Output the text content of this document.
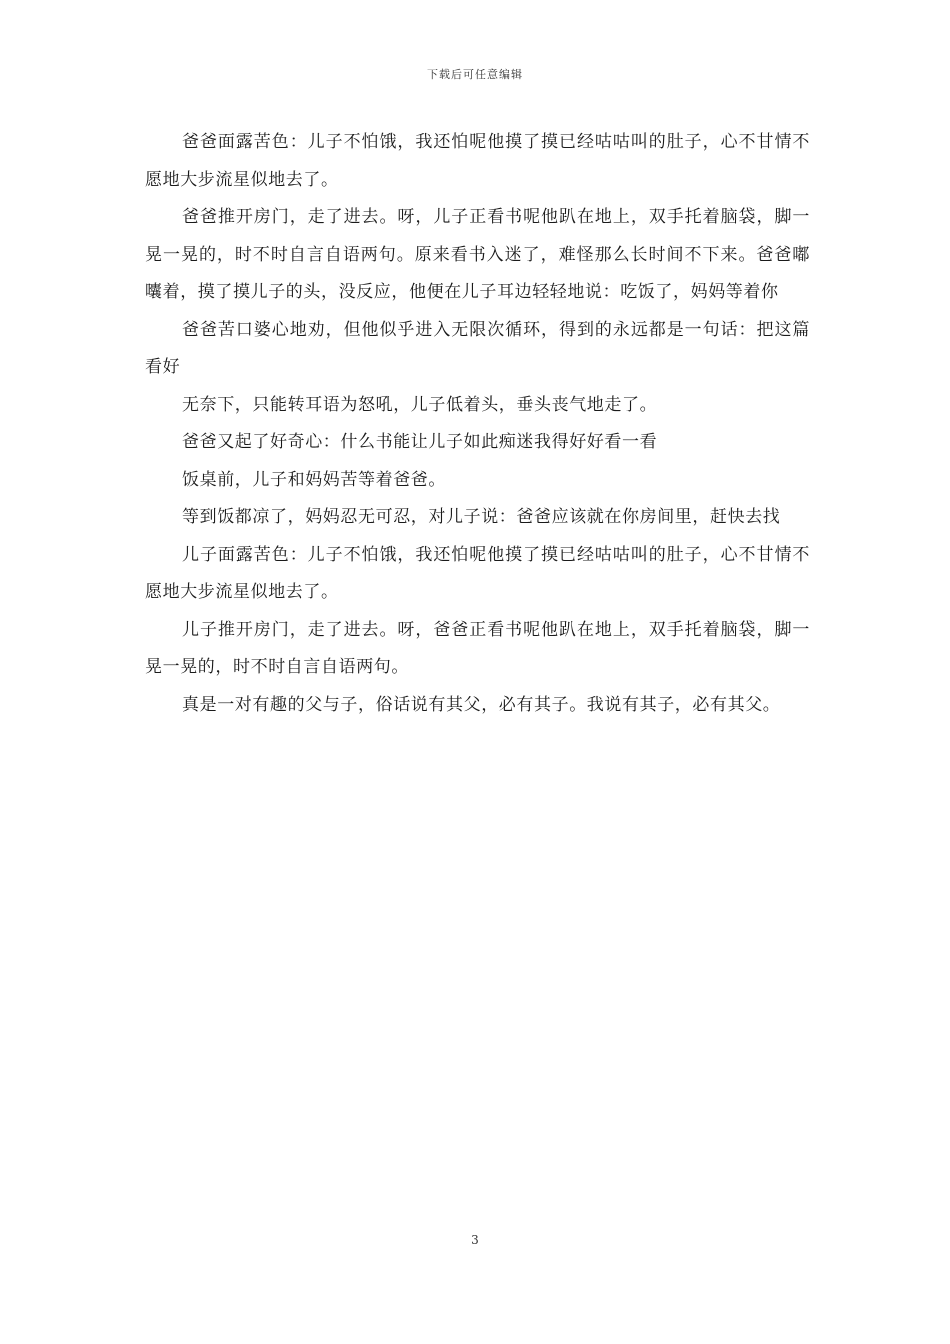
下载后可任意编辑

爸爸面露苦色：儿子不怕饿，我还怕呢他摸了摸已经咕咕叫的肚子，心不甘情不愿地大步流星似地去了。

爸爸推开房门，走了进去。呀，儿子正看书呢他趴在地上，双手托着脑袋，脚一晃一晃的，时不时自言自语两句。原来看书入迷了，难怪那么长时间不下来。爸爸嘟囔着，摸了摸儿子的头，没反应，他便在儿子耳边轻轻地说：吃饭了，妈妈等着你

爸爸苦口婆心地劝，但他似乎进入无限次循环，得到的永远都是一句话：把这篇看好

无奈下，只能转耳语为怒吼，儿子低着头，垂头丧气地走了。

爸爸又起了好奇心：什么书能让儿子如此痴迷我得好好看一看

饭桌前，儿子和妈妈苦等着爸爸。

等到饭都凉了，妈妈忍无可忍，对儿子说：爸爸应该就在你房间里，赶快去找

儿子面露苦色：儿子不怕饿，我还怕呢他摸了摸已经咕咕叫的肚子，心不甘情不愿地大步流星似地去了。

儿子推开房门，走了进去。呀，爸爸正看书呢他趴在地上，双手托着脑袋，脚一晃一晃的，时不时自言自语两句。

真是一对有趣的父与子，俗话说有其父，必有其子。我说有其子，必有其父。

3
